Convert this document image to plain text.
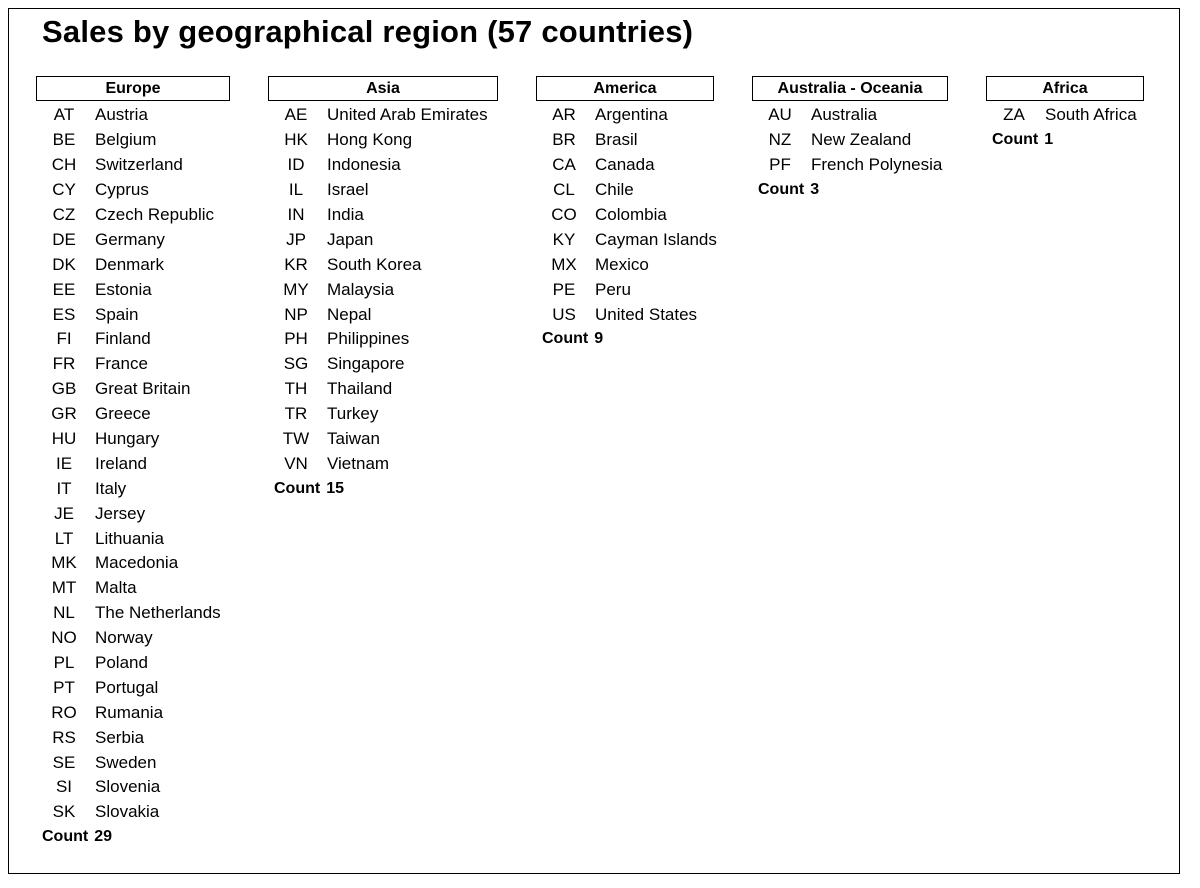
Sales by geographical region (57 countries)
Europe
AT	Austria
BE	Belgium
CH	Switzerland
CY	Cyprus
CZ	Czech Republic
DE	Germany
DK	Denmark
EE	Estonia
ES	Spain
FI	Finland
FR	France
GB	Great Britain
GR	Greece
HU	Hungary
IE	Ireland
IT	Italy
JE	Jersey
LT	Lithuania
MK	Macedonia
MT	Malta
NL	The Netherlands
NO	Norway
PL	Poland
PT	Portugal
RO	Rumania
RS	Serbia
SE	Sweden
SI	Slovenia
SK	Slovakia
Count 29
Asia
AE	United Arab Emirates
HK	Hong Kong
ID	Indonesia
IL	Israel
IN	India
JP	Japan
KR	South Korea
MY	Malaysia
NP	Nepal
PH	Philippines
SG	Singapore
TH	Thailand
TR	Turkey
TW	Taiwan
VN	Vietnam
Count 15
America
AR	Argentina
BR	Brasil
CA	Canada
CL	Chile
CO	Colombia
KY	Cayman Islands
MX	Mexico
PE	Peru
US	United States
Count 9
Australia - Oceania
AU	Australia
NZ	New Zealand
PF	French Polynesia
Count 3
Africa
ZA	South Africa
Count 1
